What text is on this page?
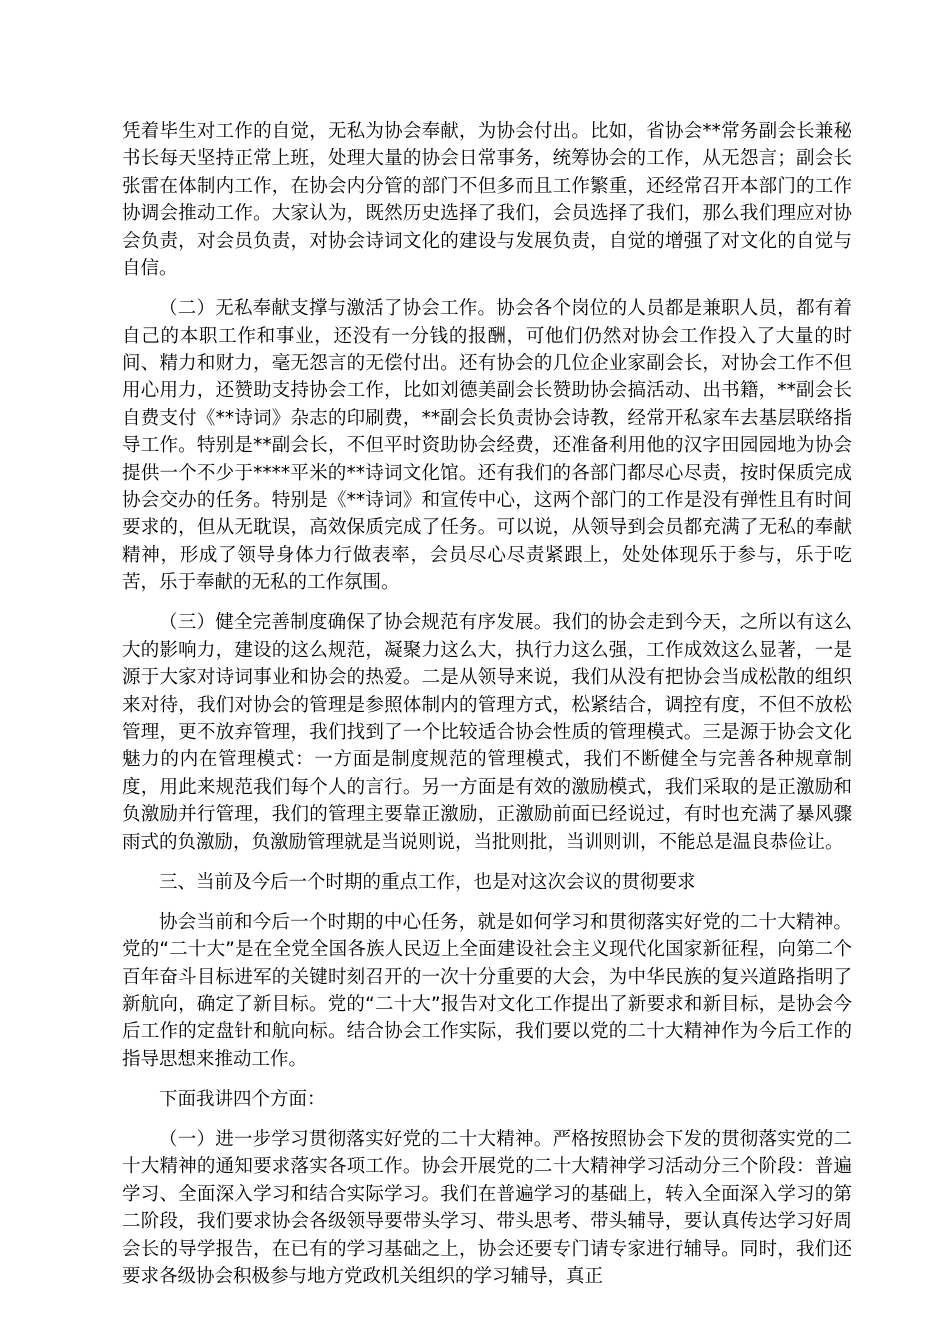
凭着毕生对工作的自觉，无私为协会奉献，为协会付出。比如，省协会**常务副会长兼秘书长每天坚持正常上班，处理大量的协会日常事务，统筹协会的工作，从无怨言；副会长张雷在体制内工作，在协会内分管的部门不但多而且工作繁重，还经常召开本部门的工作协调会推动工作。大家认为，既然历史选择了我们，会员选择了我们，那么我们理应对协会负责，对会员负责，对协会诗词文化的建设与发展负责，自觉的增强了对文化的自觉与自信。

（二）无私奉献支撑与激活了协会工作。协会各个岗位的人员都是兼职人员，都有着自己的本职工作和事业，还没有一分钱的报酬，可他们仍然对协会工作投入了大量的时间、精力和财力，毫无怨言的无偿付出。还有协会的几位企业家副会长，对协会工作不但用心用力，还赞助支持协会工作，比如刘德美副会长赞助协会搞活动、出书籍，**副会长自费支付《**诗词》杂志的印刷费，**副会长负责协会诗教，经常开私家车去基层联络指导工作。特别是**副会长，不但平时资助协会经费，还准备利用他的汉字田园园地为协会提供一个不少于****平米的**诗词文化馆。还有我们的各部门都尽心尽责，按时保质完成协会交办的任务。特别是《**诗词》和宣传中心，这两个部门的工作是没有弹性且有时间要求的，但从无耽误，高效保质完成了任务。可以说，从领导到会员都充满了无私的奉献精神，形成了领导身体力行做表率，会员尽心尽责紧跟上，处处体现乐于参与，乐于吃苦，乐于奉献的无私的工作氛围。

（三）健全完善制度确保了协会规范有序发展。我们的协会走到今天，之所以有这么大的影响力，建设的这么规范，凝聚力这么大，执行力这么强，工作成效这么显著，一是源于大家对诗词事业和协会的热爱。二是从领导来说，我们从没有把协会当成松散的组织来对待，我们对协会的管理是参照体制内的管理方式，松紧结合，调控有度，不但不放松管理，更不放弃管理，我们找到了一个比较适合协会性质的管理模式。三是源于协会文化魅力的内在管理模式：一方面是制度规范的管理模式，我们不断健全与完善各种规章制度，用此来规范我们每个人的言行。另一方面是有效的激励模式，我们采取的是正激励和负激励并行管理，我们的管理主要靠正激励，正激励前面已经说过，有时也充满了暴风骤雨式的负激励，负激励管理就是当说则说，当批则批，当训则训，不能总是温良恭俭让。

三、当前及今后一个时期的重点工作，也是对这次会议的贯彻要求

协会当前和今后一个时期的中心任务，就是如何学习和贯彻落实好党的二十大精神。党的“二十大”是在全党全国各族人民迈上全面建设社会主义现代化国家新征程，向第二个百年奋斗目标进军的关键时刻召开的一次十分重要的大会，为中华民族的复兴道路指明了新航向，确定了新目标。党的“二十大”报告对文化工作提出了新要求和新目标，是协会今后工作的定盘针和航向标。结合协会工作实际，我们要以党的二十大精神作为今后工作的指导思想来推动工作。

下面我讲四个方面：

（一）进一步学习贯彻落实好党的二十大精神。严格按照协会下发的贯彻落实党的二十大精神的通知要求落实各项工作。协会开展党的二十大精神学习活动分三个阶段：普遍学习、全面深入学习和结合实际学习。我们在普遍学习的基础上，转入全面深入学习的第二阶段，我们要求协会各级领导要带头学习、带头思考、带头辅导，要认真传达学习好周会长的导学报告，在已有的学习基础之上，协会还要专门请专家进行辅导。同时，我们还要求各级协会积极参与地方党政机关组织的学习辅导，真正
